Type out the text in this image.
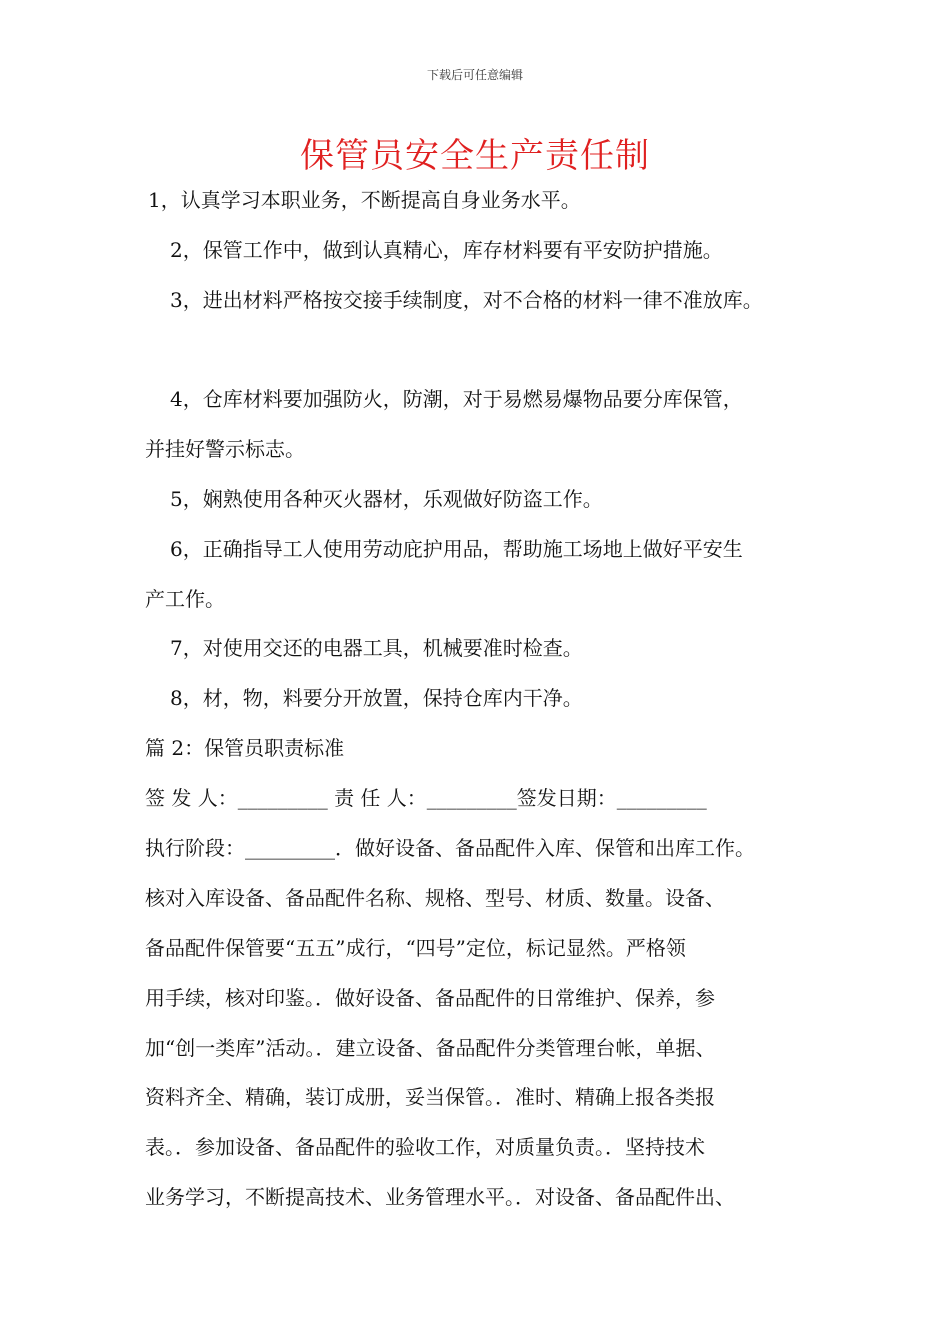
下载后可任意编辑
保管员安全生产责任制
1，认真学习本职业务，不断提高自身业务水平。
2，保管工作中，做到认真精心，库存材料要有平安防护措施。
3，进出材料严格按交接手续制度，对不合格的材料一律不准放库。
4，仓库材料要加强防火，防潮，对于易燃易爆物品要分库保管，
并挂好警示标志。
5，娴熟使用各种灭火器材，乐观做好防盗工作。
6，正确指导工人使用劳动庇护用品，帮助施工场地上做好平安生
产工作。
7，对使用交还的电器工具，机械要准时检查。
8，材，物，料要分开放置，保持仓库内干净。
篇 2：保管员职责标准
签 发 人：_________ 责 任 人：_________签发日期：_________
执行阶段：_________．做好设备、备品配件入库、保管和出库工作。
核对入库设备、备品配件名称、规格、型号、材质、数量。设备、
备品配件保管要“五五”成行，“四号”定位，标记显然。严格领
用手续，核对印鉴。．做好设备、备品配件的日常维护、保养，参
加“创一类库”活动。．建立设备、备品配件分类管理台帐，单据、
资料齐全、精确，装订成册，妥当保管。．准时、精确上报各类报
表。．参加设备、备品配件的验收工作，对质量负责。．坚持技术
业务学习，不断提高技术、业务管理水平。．对设备、备品配件出、
